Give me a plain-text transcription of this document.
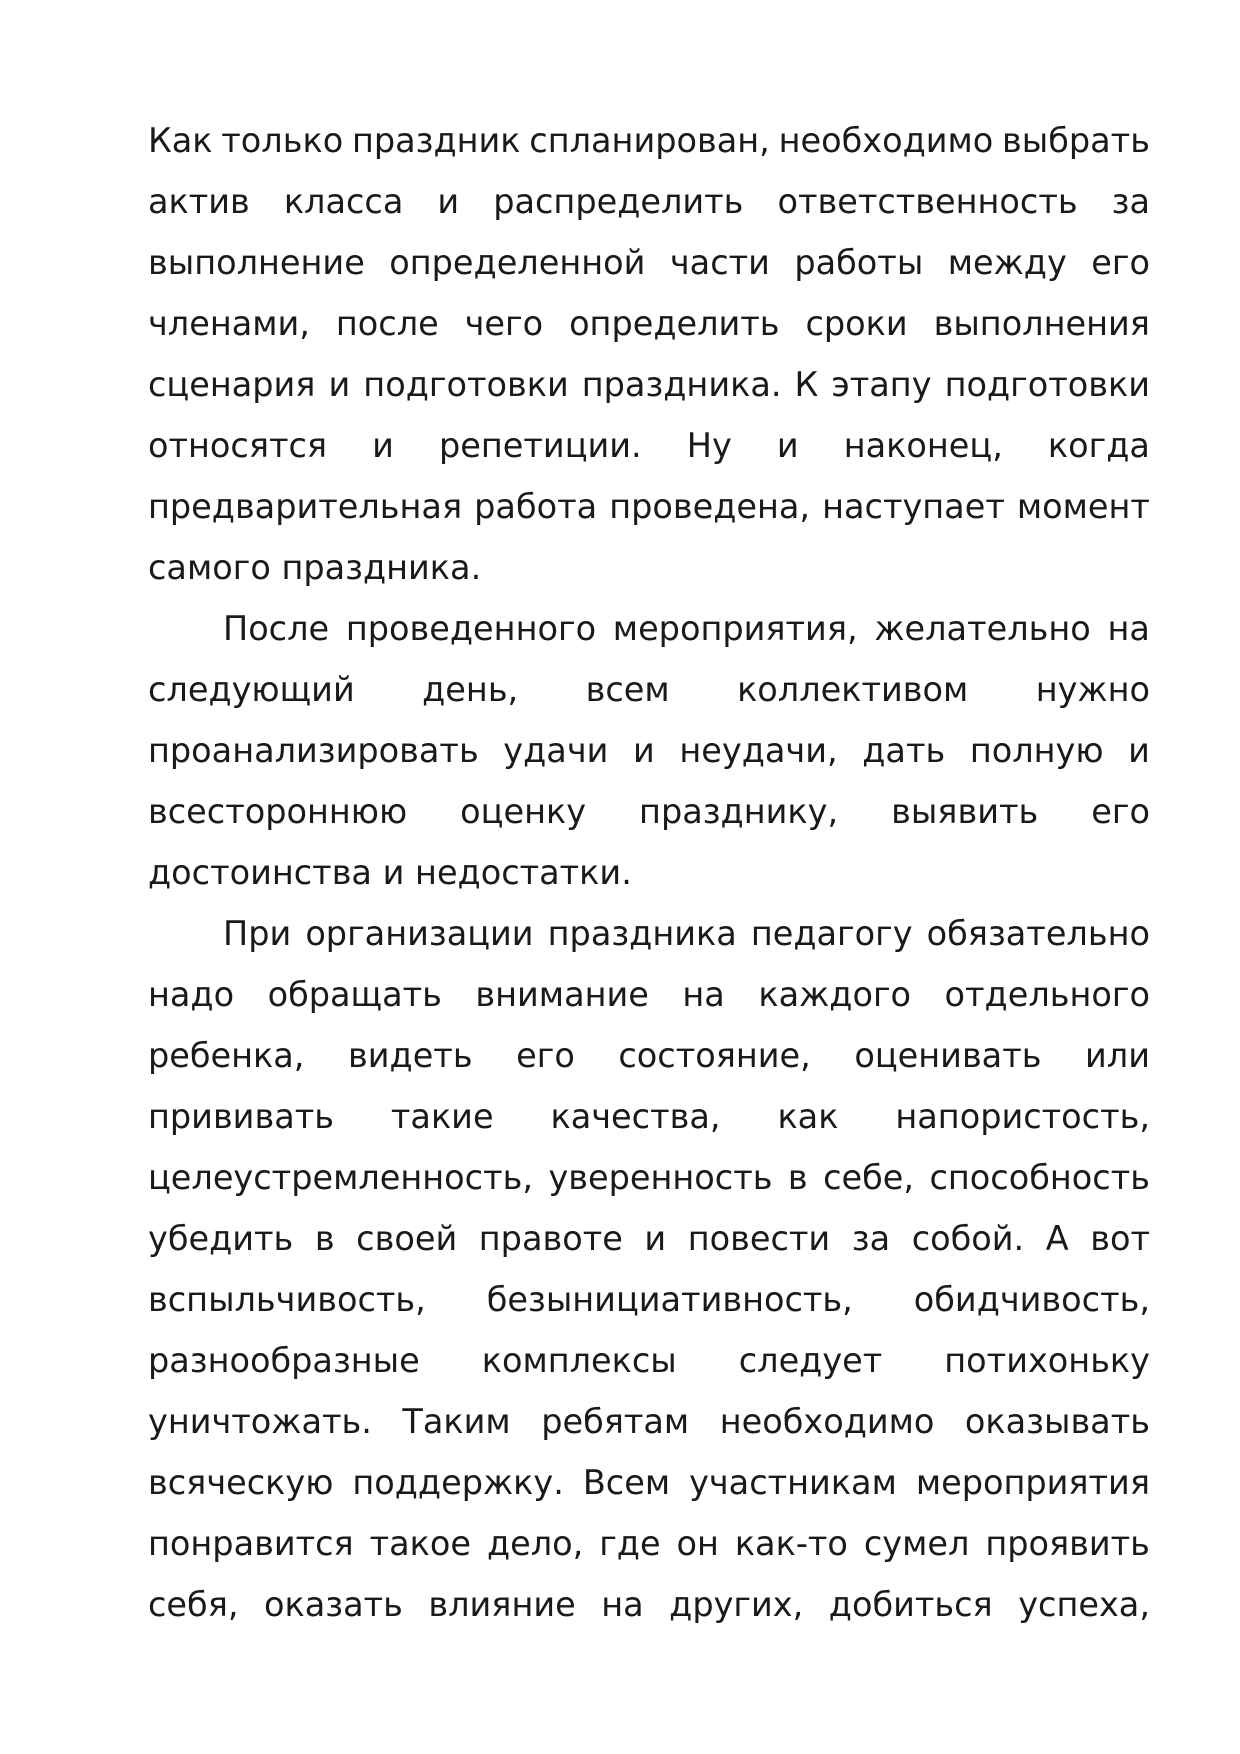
Как только праздник спланирован, необходимо выбрать
актив класса и распределить ответственность за
выполнение определенной части работы между его
членами, после чего определить сроки выполнения
сценария и подготовки праздника. К этапу подготовки
относятся и репетиции. Ну и наконец, когда
предварительная работа проведена, наступает момент
самого праздника.
После проведенного мероприятия, желательно на
следующий день, всем коллективом нужно
проанализировать удачи и неудачи, дать полную и
всестороннюю оценку празднику, выявить его
достоинства и недостатки.
При организации праздника педагогу обязательно
надо обращать внимание на каждого отдельного
ребенка, видеть его состояние, оценивать или
прививать такие качества, как напористость,
целеустремленность, уверенность в себе, способность
убедить в своей правоте и повести за собой. А вот
вспыльчивость, безынициативность, обидчивость,
разнообразные комплексы следует потихоньку
уничтожать. Таким ребятам необходимо оказывать
всяческую поддержку. Всем участникам мероприятия
понравится такое дело, где он как-то сумел проявить
себя, оказать влияние на других, добиться успеха,
